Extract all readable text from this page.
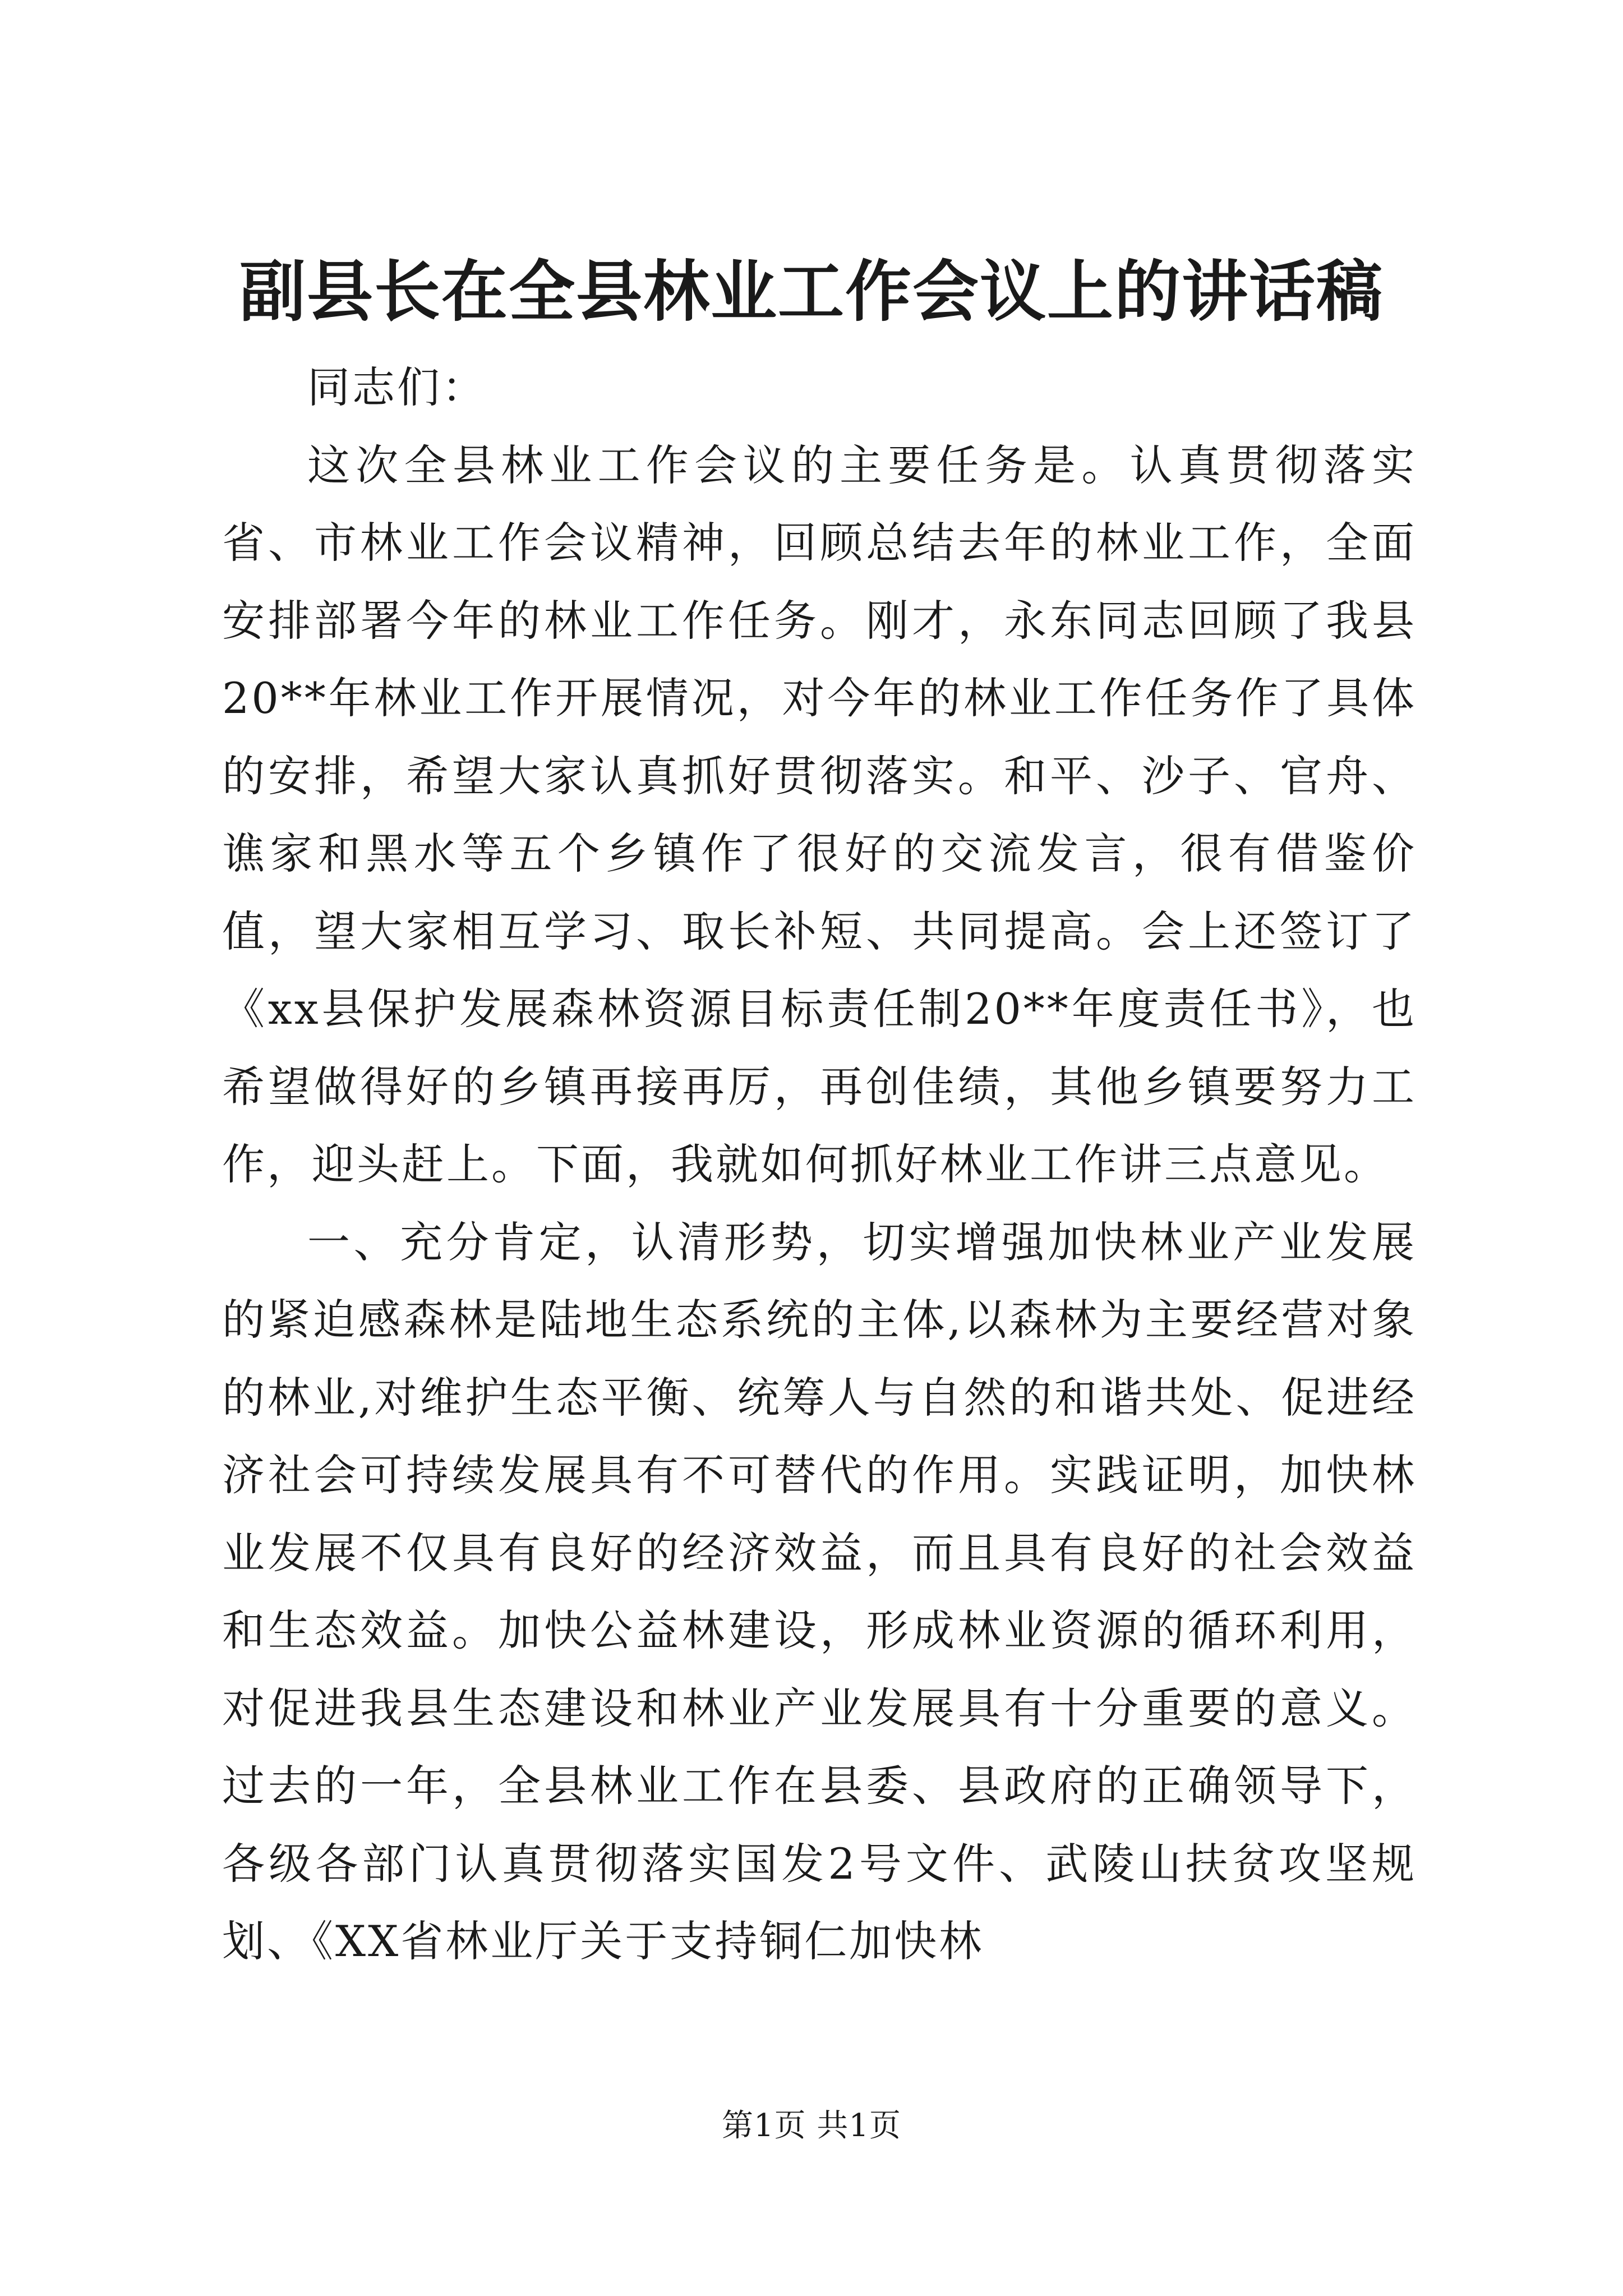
副县长在全县林业工作会议上的讲话稿

同志们：

这次全县林业工作会议的主要任务是。认真贯彻落实省、市林业工作会议精神，回顾总结去年的林业工作，全面安排部署今年的林业工作任务。刚才，永东同志回顾了我县20**年林业工作开展情况，对今年的林业工作任务作了具体的安排，希望大家认真抓好贯彻落实。和平、沙子、官舟、谯家和黑水等五个乡镇作了很好的交流发言，很有借鉴价值，望大家相互学习、取长补短、共同提高。会上还签订了《xx县保护发展森林资源目标责任制20**年度责任书》，也希望做得好的乡镇再接再厉，再创佳绩，其他乡镇要努力工作，迎头赶上。下面，我就如何抓好林业工作讲三点意见。

一、充分肯定，认清形势，切实增强加快林业产业发展的紧迫感森林是陆地生态系统的主体,以森林为主要经营对象的林业,对维护生态平衡、统筹人与自然的和谐共处、促进经济社会可持续发展具有不可替代的作用。实践证明，加快林业发展不仅具有良好的经济效益，而且具有良好的社会效益和生态效益。加快公益林建设，形成林业资源的循环利用，对促进我县生态建设和林业产业发展具有十分重要的意义。过去的一年，全县林业工作在县委、县政府的正确领导下，各级各部门认真贯彻落实国发2号文件、武陵山扶贫攻坚规划、《XX省林业厅关于支持铜仁加快林

第1页 共1页
